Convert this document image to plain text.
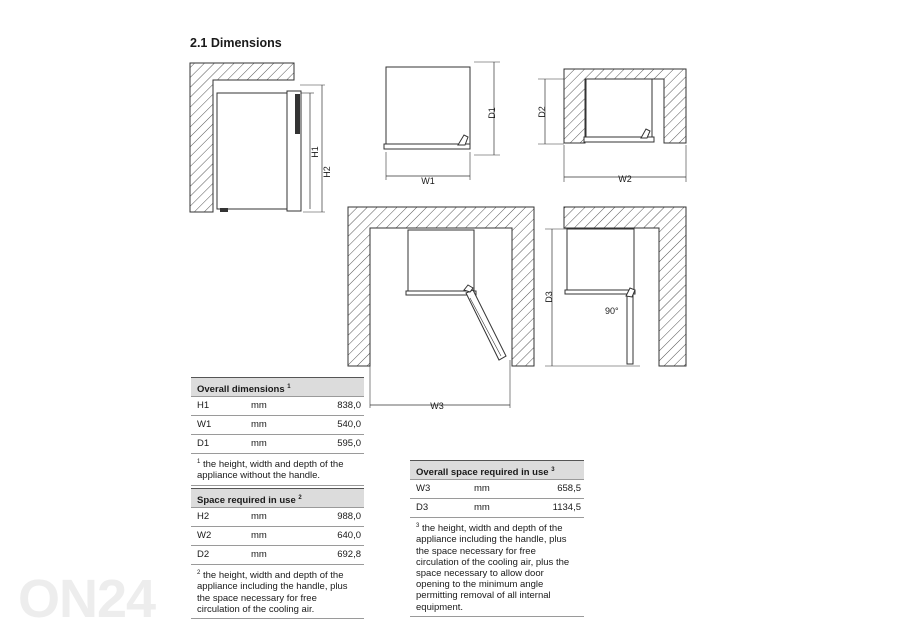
ON24
2.1 Dimensions
H1
H2
D1
W1
D2
W2
W3
D3
90°
Overall dimensions $^1$
H1	mm	838,0
W1	mm	540,0
D1	mm	595,0
$^1$ the height, width and depth of the appliance without the handle.
Space required in use $^2$
H2	mm	988,0
W2	mm	640,0
D2	mm	692,8
$^2$ the height, width and depth of the appliance including the handle, plus the space necessary for free circulation of the cooling air.
Overall space required in use $^3$
W3	mm	658,5
D3	mm	1134,5
$^3$ the height, width and depth of the appliance including the handle, plus the space necessary for free circulation of the cooling air, plus the space necessary to allow door opening to the minimum angle permitting removal of all internal equipment.
